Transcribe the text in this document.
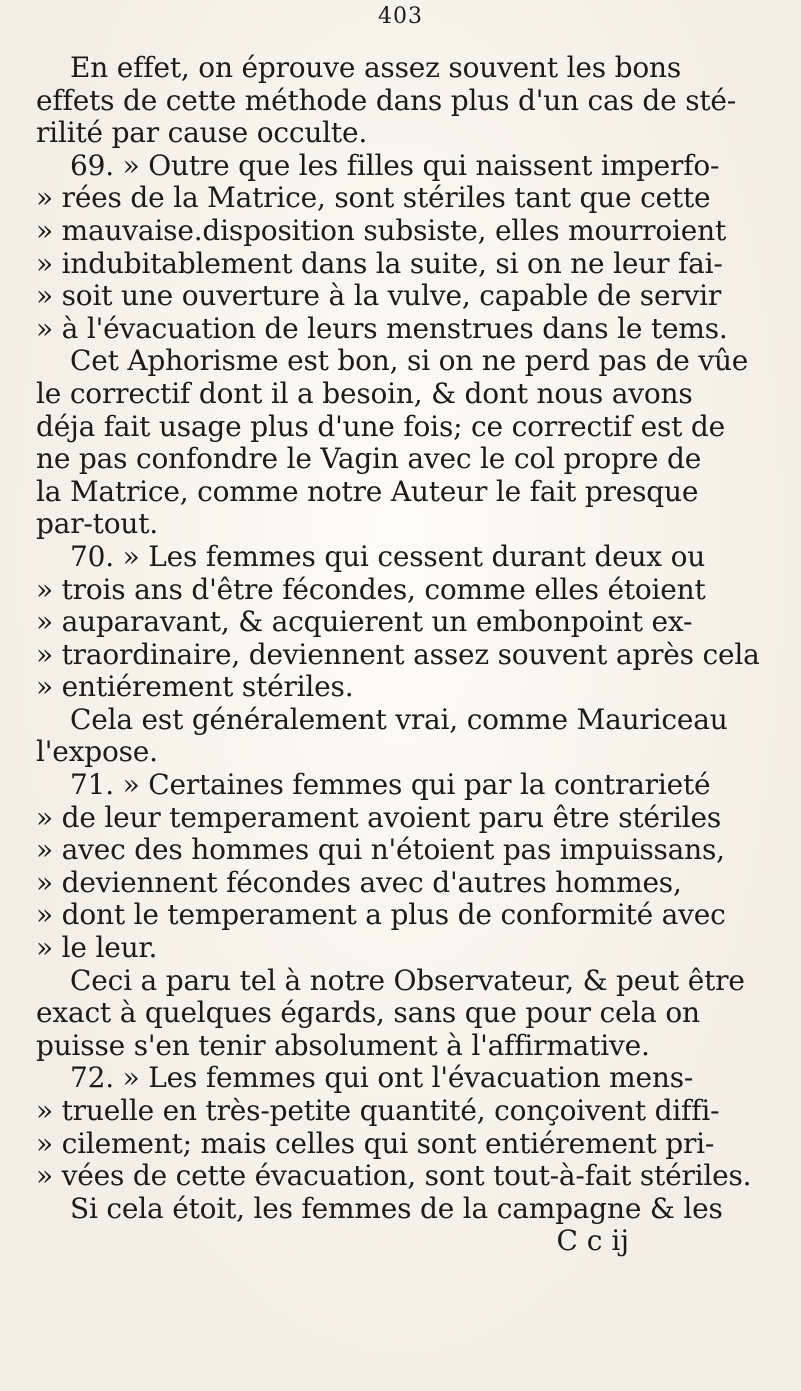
403
En effet, on éprouve assez souvent les bons
effets de cette méthode dans plus d'un cas de sté-
rilité par cause occulte.
69. » Outre que les filles qui naissent imperfo-
» rées de la Matrice, sont stériles tant que cette
» mauvaise.disposition subsiste, elles mourroient
» indubitablement dans la suite, si on ne leur fai-
» soit une ouverture à la vulve, capable de servir
» à l'évacuation de leurs menstrues dans le tems.
Cet Aphorisme est bon, si on ne perd pas de vûe
le correctif dont il a besoin, & dont nous avons
déja fait usage plus d'une fois; ce correctif est de
ne pas confondre le Vagin avec le col propre de
la Matrice, comme notre Auteur le fait presque
par-tout.
70. » Les femmes qui cessent durant deux ou
» trois ans d'être fécondes, comme elles étoient
» auparavant, & acquierent un embonpoint ex-
» traordinaire, deviennent assez souvent après cela
» entiérement stériles.
Cela est généralement vrai, comme Mauriceau
l'expose.
71. » Certaines femmes qui par la contrarieté
» de leur temperament avoient paru être stériles
» avec des hommes qui n'étoient pas impuissans,
» deviennent fécondes avec d'autres hommes,
» dont le temperament a plus de conformité avec
» le leur.
Ceci a paru tel à notre Observateur, & peut être
exact à quelques égards, sans que pour cela on
puisse s'en tenir absolument à l'affirmative.
72. » Les femmes qui ont l'évacuation mens-
» truelle en très-petite quantité, conçoivent diffi-
» cilement; mais celles qui sont entiérement pri-
» vées de cette évacuation, sont tout-à-fait stériles.
Si cela étoit, les femmes de la campagne & les
C c ij
